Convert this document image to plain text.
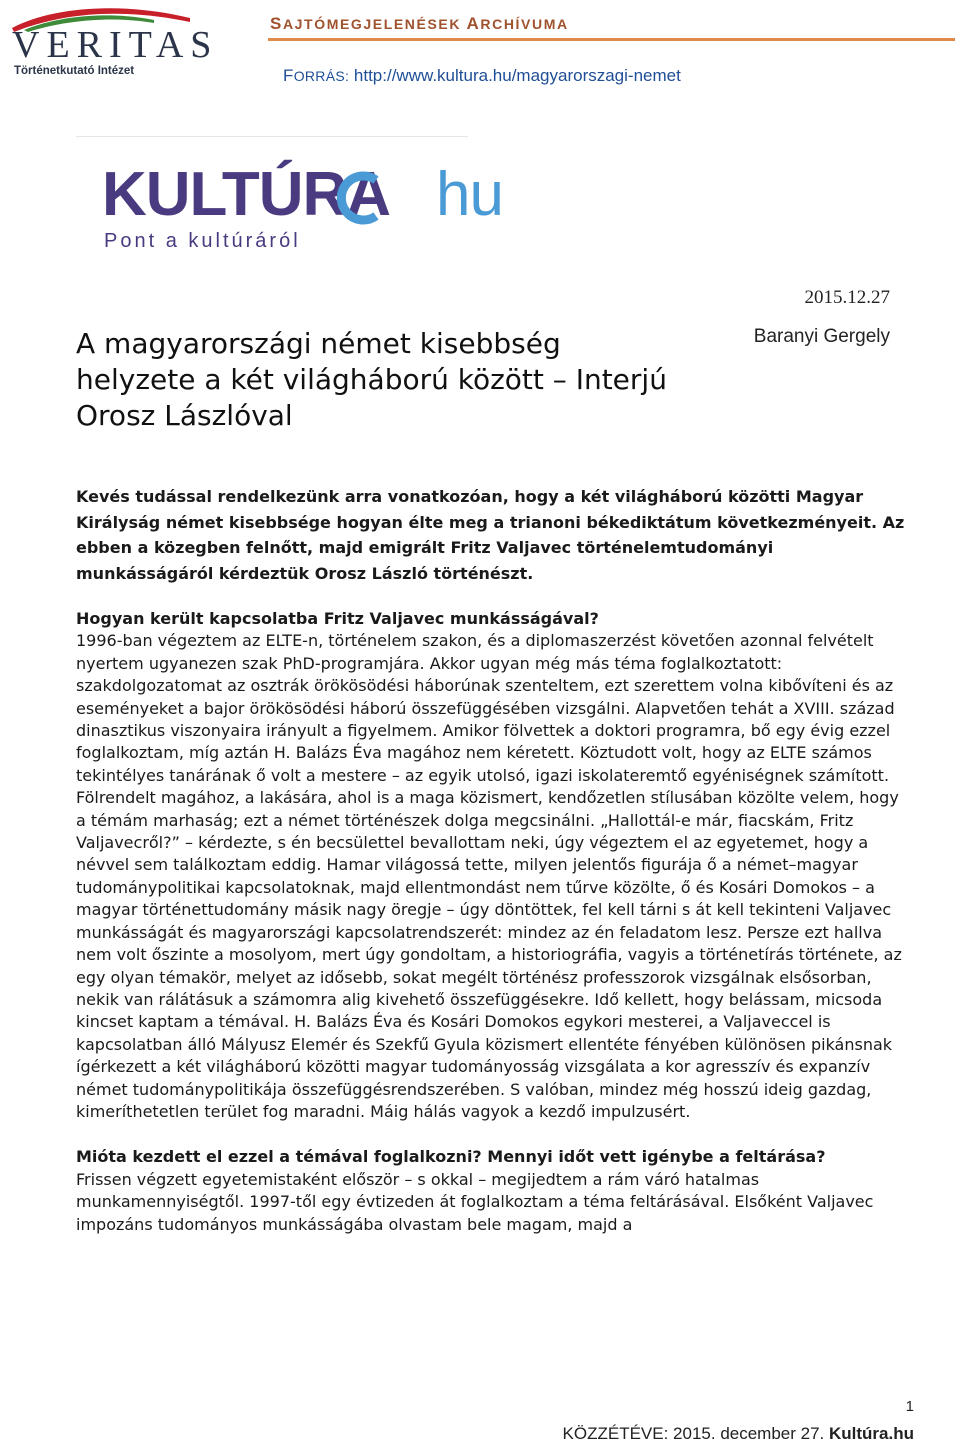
VERITAS
Történetkutató Intézet
SAJTÓMEGJELENÉSEK ARCHÍVUMA
FORRÁS: http://www.kultura.hu/magyarorszagi-nemet
KULTÚRA hu
Pont a kultúráról
2015.12.27
Baranyi Gergely
A magyarországi német kisebbség helyzete a két világháború között – Interjú Orosz Lászlóval

Kevés tudással rendelkezünk arra vonatkozóan, hogy a két világháború közötti Magyar Királyság német kisebbsége hogyan élte meg a trianoni békediktátum következményeit. Az ebben a közegben felnőtt, majd emigrált Fritz Valjavec történelemtudományi munkásságáról kérdeztük Orosz László történészt.

Hogyan került kapcsolatba Fritz Valjavec munkásságával?

1996-ban végeztem az ELTE-n, történelem szakon, és a diplomaszerzést követően azonnal felvételt nyertem ugyanezen szak PhD-programjára. Akkor ugyan még más téma foglalkoztatott: szakdolgozatomat az osztrák örökösödési háborúnak szenteltem, ezt szerettem volna kibővíteni és az eseményeket a bajor örökösödési háború összefüggésében vizsgálni. Alapvetően tehát a XVIII. század dinasztikus viszonyaira irányult a figyelmem. Amikor fölvettek a doktori programra, bő egy évig ezzel foglalkoztam, míg aztán H. Balázs Éva magához nem kéretett. Köztudott volt, hogy az ELTE számos tekintélyes tanárának ő volt a mestere – az egyik utolsó, igazi iskolateremtő egyéniségnek számított. Fölrendelt magához, a lakására, ahol is a maga közismert, kendőzetlen stílusában közölte velem, hogy a témám marhaság; ezt a német történészek dolga megcsinálni. „Hallottál-e már, fiacskám, Fritz Valjavecről?” – kérdezte, s én becsülettel bevallottam neki, úgy végeztem el az egyetemet, hogy a névvel sem találkoztam eddig. Hamar világossá tette, milyen jelentős figurája ő a német–magyar tudománypolitikai kapcsolatoknak, majd ellentmondást nem tűrve közölte, ő és Kosári Domokos – a magyar történettudomány másik nagy öregje – úgy döntöttek, fel kell tárni s át kell tekinteni Valjavec munkásságát és magyarországi kapcsolatrendszerét: mindez az én feladatom lesz. Persze ezt hallva nem volt őszinte a mosolyom, mert úgy gondoltam, a historiográfia, vagyis a történetírás története, az egy olyan témakör, melyet az idősebb, sokat megélt történész professzorok vizsgálnak elsősorban, nekik van rálátásuk a számomra alig kivehető összefüggésekre. Idő kellett, hogy belássam, micsoda kincset kaptam a témával. H. Balázs Éva és Kosári Domokos egykori mesterei, a Valjaveccel is kapcsolatban álló Mályusz Elemér és Szekfű Gyula közismert ellentéte fényében különösen pikánsnak ígérkezett a két világháború közötti magyar tudományosság vizsgálata a kor agresszív és expanzív német tudománypolitikája összefüggésrendszerében. S valóban, mindez még hosszú ideig gazdag, kimeríthetetlen terület fog maradni. Máig hálás vagyok a kezdő impulzusért.

Mióta kezdett el ezzel a témával foglalkozni? Mennyi időt vett igénybe a feltárása?

Frissen végzett egyetemistaként először – s okkal – megijedtem a rám váró hatalmas munkamennyiségtől. 1997-től egy évtizeden át foglalkoztam a téma feltárásával. Elsőként Valjavec impozáns tudományos munkásságába olvastam bele magam, majd a

1
KÖZZÉTÉVE: 2015. december 27. Kultúra.hu
